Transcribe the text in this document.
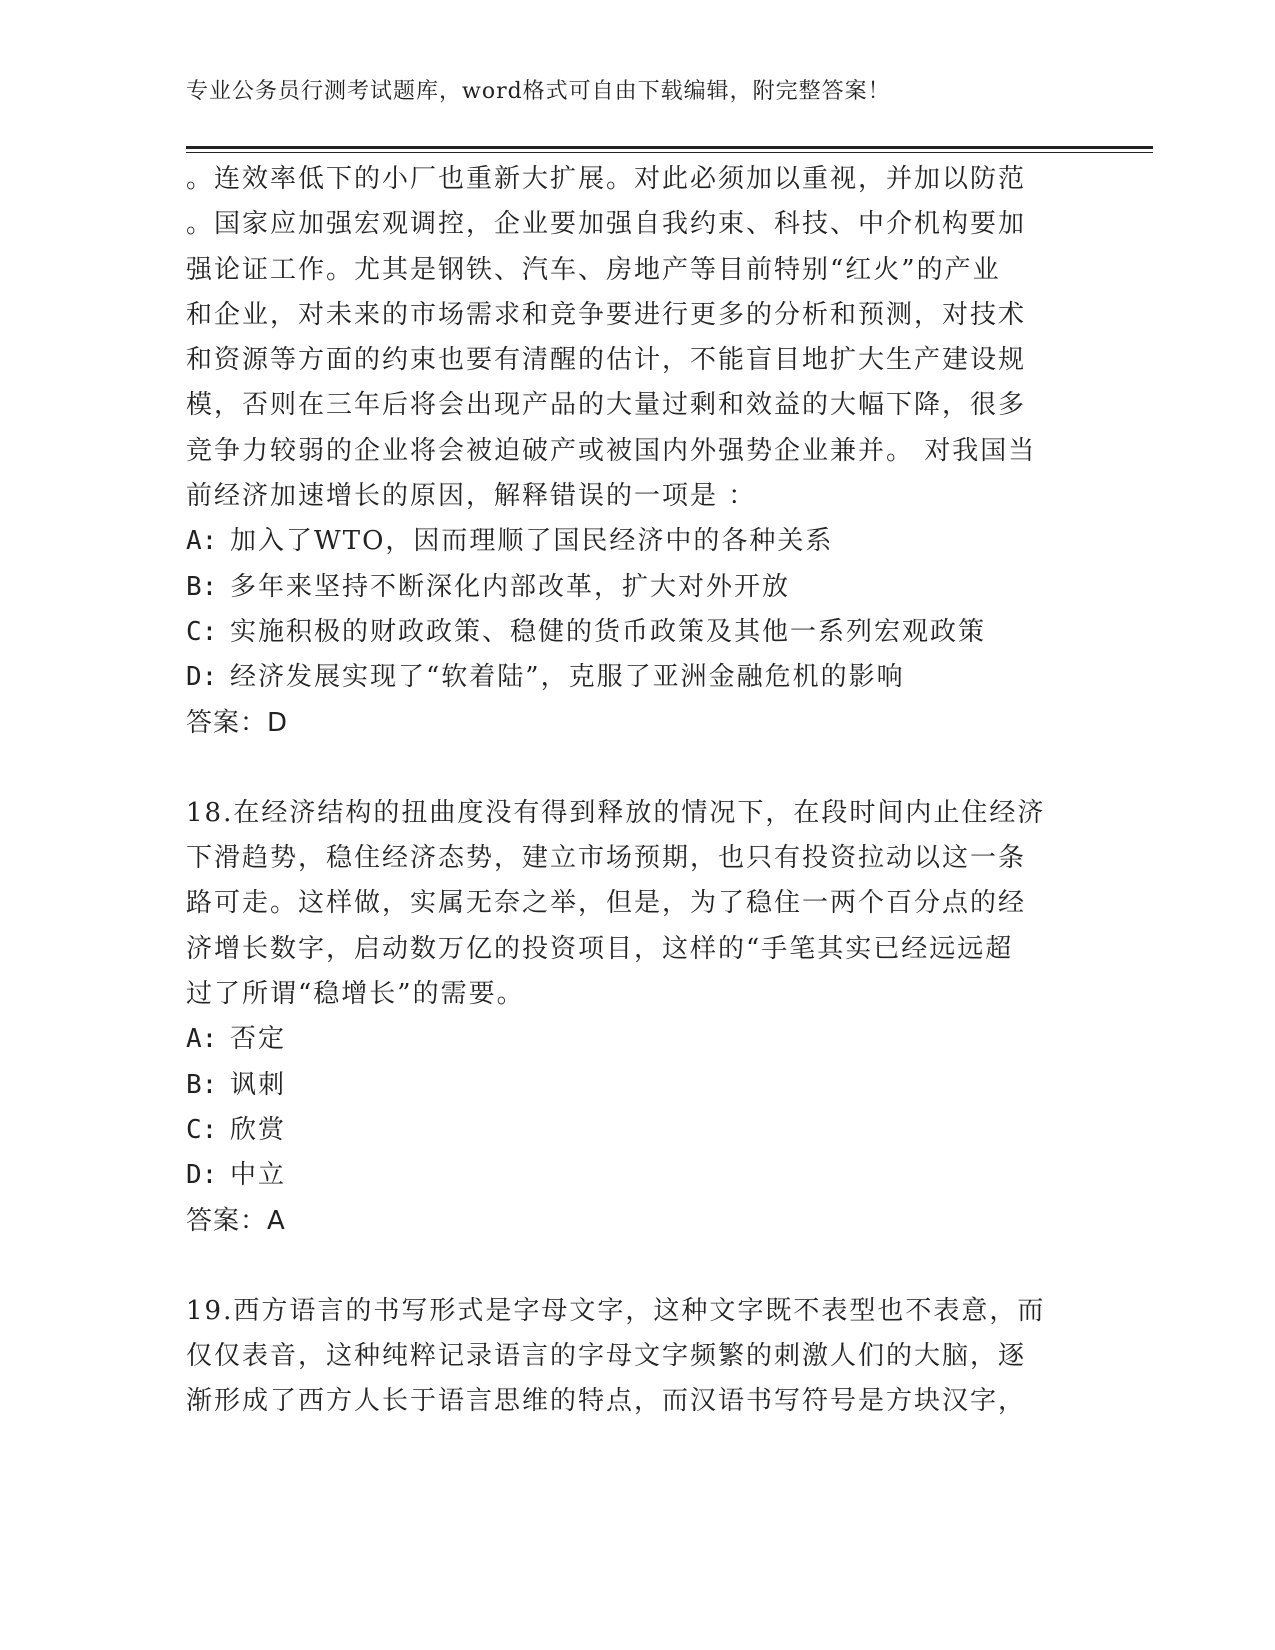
专业公务员行测考试题库，word格式可自由下载编辑，附完整答案！

。连效率低下的小厂也重新大扩展。对此必须加以重视，并加以防范

。国家应加强宏观调控，企业要加强自我约束、科技、中介机构要加

强论证工作。尤其是钢铁、汽车、房地产等目前特别“红火”的产业

和企业，对未来的市场需求和竞争要进行更多的分析和预测，对技术

和资源等方面的约束也要有清醒的估计，不能盲目地扩大生产建设规

模，否则在三年后将会出现产品的大量过剩和效益的大幅下降，很多

竞争力较弱的企业将会被迫破产或被国内外强势企业兼并。 对我国当

前经济加速增长的原因，解释错误的一项是 ：

A: 加入了WTO，因而理顺了国民经济中的各种关系

B: 多年来坚持不断深化内部改革，扩大对外开放

C: 实施积极的财政政策、稳健的货币政策及其他一系列宏观政策

D: 经济发展实现了“软着陆”，克服了亚洲金融危机的影响

答案：D

18.在经济结构的扭曲度没有得到释放的情况下，在段时间内止住经济

下滑趋势，稳住经济态势，建立市场预期，也只有投资拉动以这一条

路可走。这样做，实属无奈之举，但是，为了稳住一两个百分点的经

济增长数字，启动数万亿的投资项目，这样的“手笔其实已经远远超

过了所谓“稳增长”的需要。

A: 否定

B: 讽刺

C: 欣赏

D: 中立

答案：A

19.西方语言的书写形式是字母文字，这种文字既不表型也不表意，而

仅仅表音，这种纯粹记录语言的字母文字频繁的刺激人们的大脑，逐

渐形成了西方人长于语言思维的特点，而汉语书写符号是方块汉字，
